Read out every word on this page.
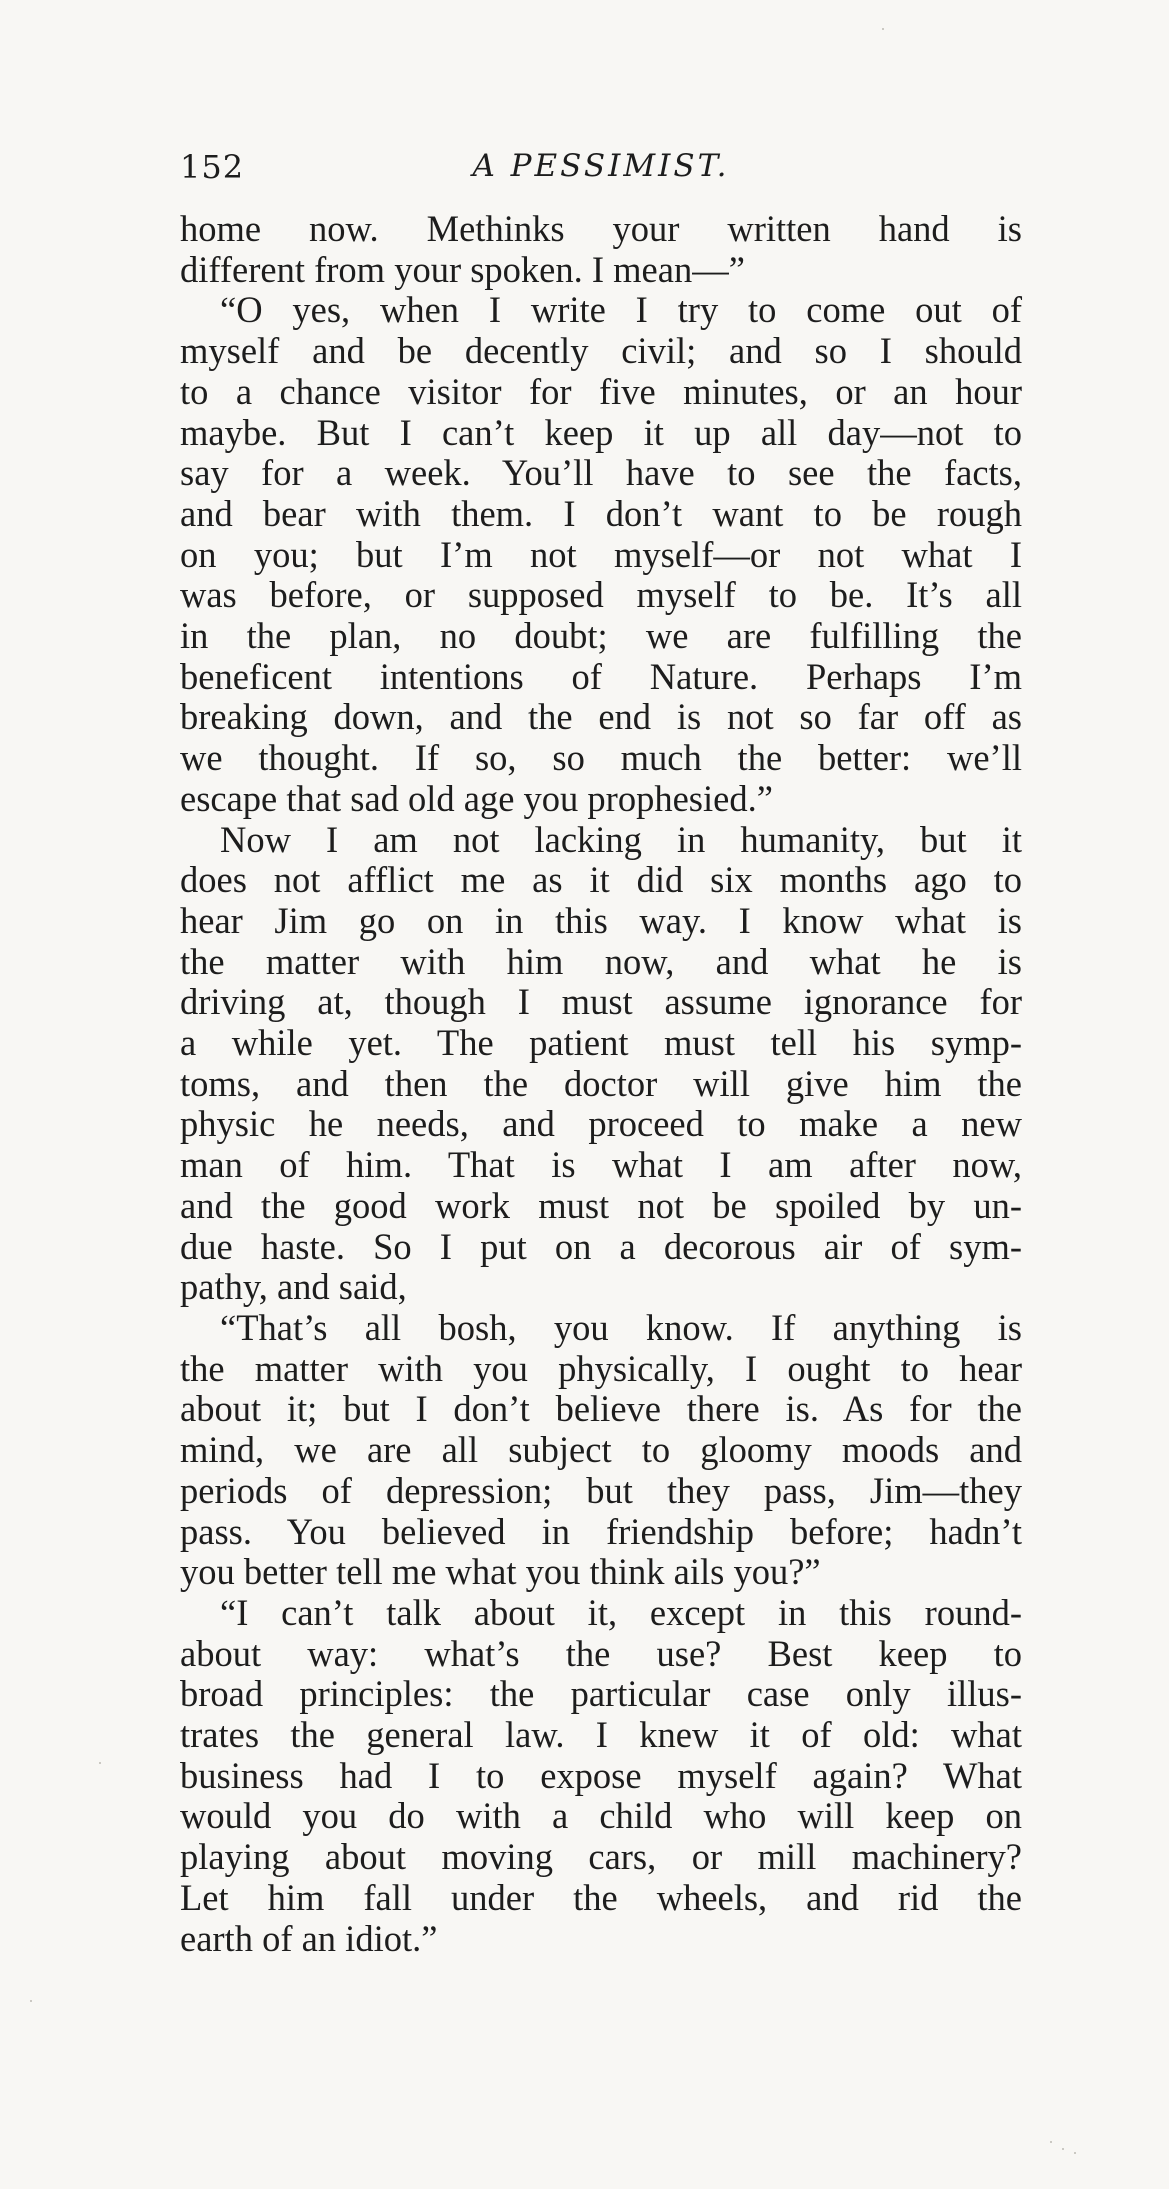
152	A PESSIMIST.
home now. Methinks your written hand is
different from your spoken. I mean—”
“O yes, when I write I try to come out of
myself and be decently civil; and so I should
to a chance visitor for five minutes, or an hour
maybe. But I can’t keep it up all day—not to
say for a week. You’ll have to see the facts,
and bear with them. I don’t want to be rough
on you; but I’m not myself—or not what I
was before, or supposed myself to be. It’s all
in the plan, no doubt; we are fulfilling the
beneficent intentions of Nature. Perhaps I’m
breaking down, and the end is not so far off as
we thought. If so, so much the better: we’ll
escape that sad old age you prophesied.”
Now I am not lacking in humanity, but it
does not afflict me as it did six months ago to
hear Jim go on in this way. I know what is
the matter with him now, and what he is
driving at, though I must assume ignorance for
a while yet. The patient must tell his symp-
toms, and then the doctor will give him the
physic he needs, and proceed to make a new
man of him. That is what I am after now,
and the good work must not be spoiled by un-
due haste. So I put on a decorous air of sym-
pathy, and said,
“That’s all bosh, you know. If anything is
the matter with you physically, I ought to hear
about it; but I don’t believe there is. As for the
mind, we are all subject to gloomy moods and
periods of depression; but they pass, Jim—they
pass. You believed in friendship before; hadn’t
you better tell me what you think ails you?”
“I can’t talk about it, except in this round-
about way: what’s the use? Best keep to
broad principles: the particular case only illus-
trates the general law. I knew it of old: what
business had I to expose myself again? What
would you do with a child who will keep on
playing about moving cars, or mill machinery?
Let him fall under the wheels, and rid the
earth of an idiot.”
